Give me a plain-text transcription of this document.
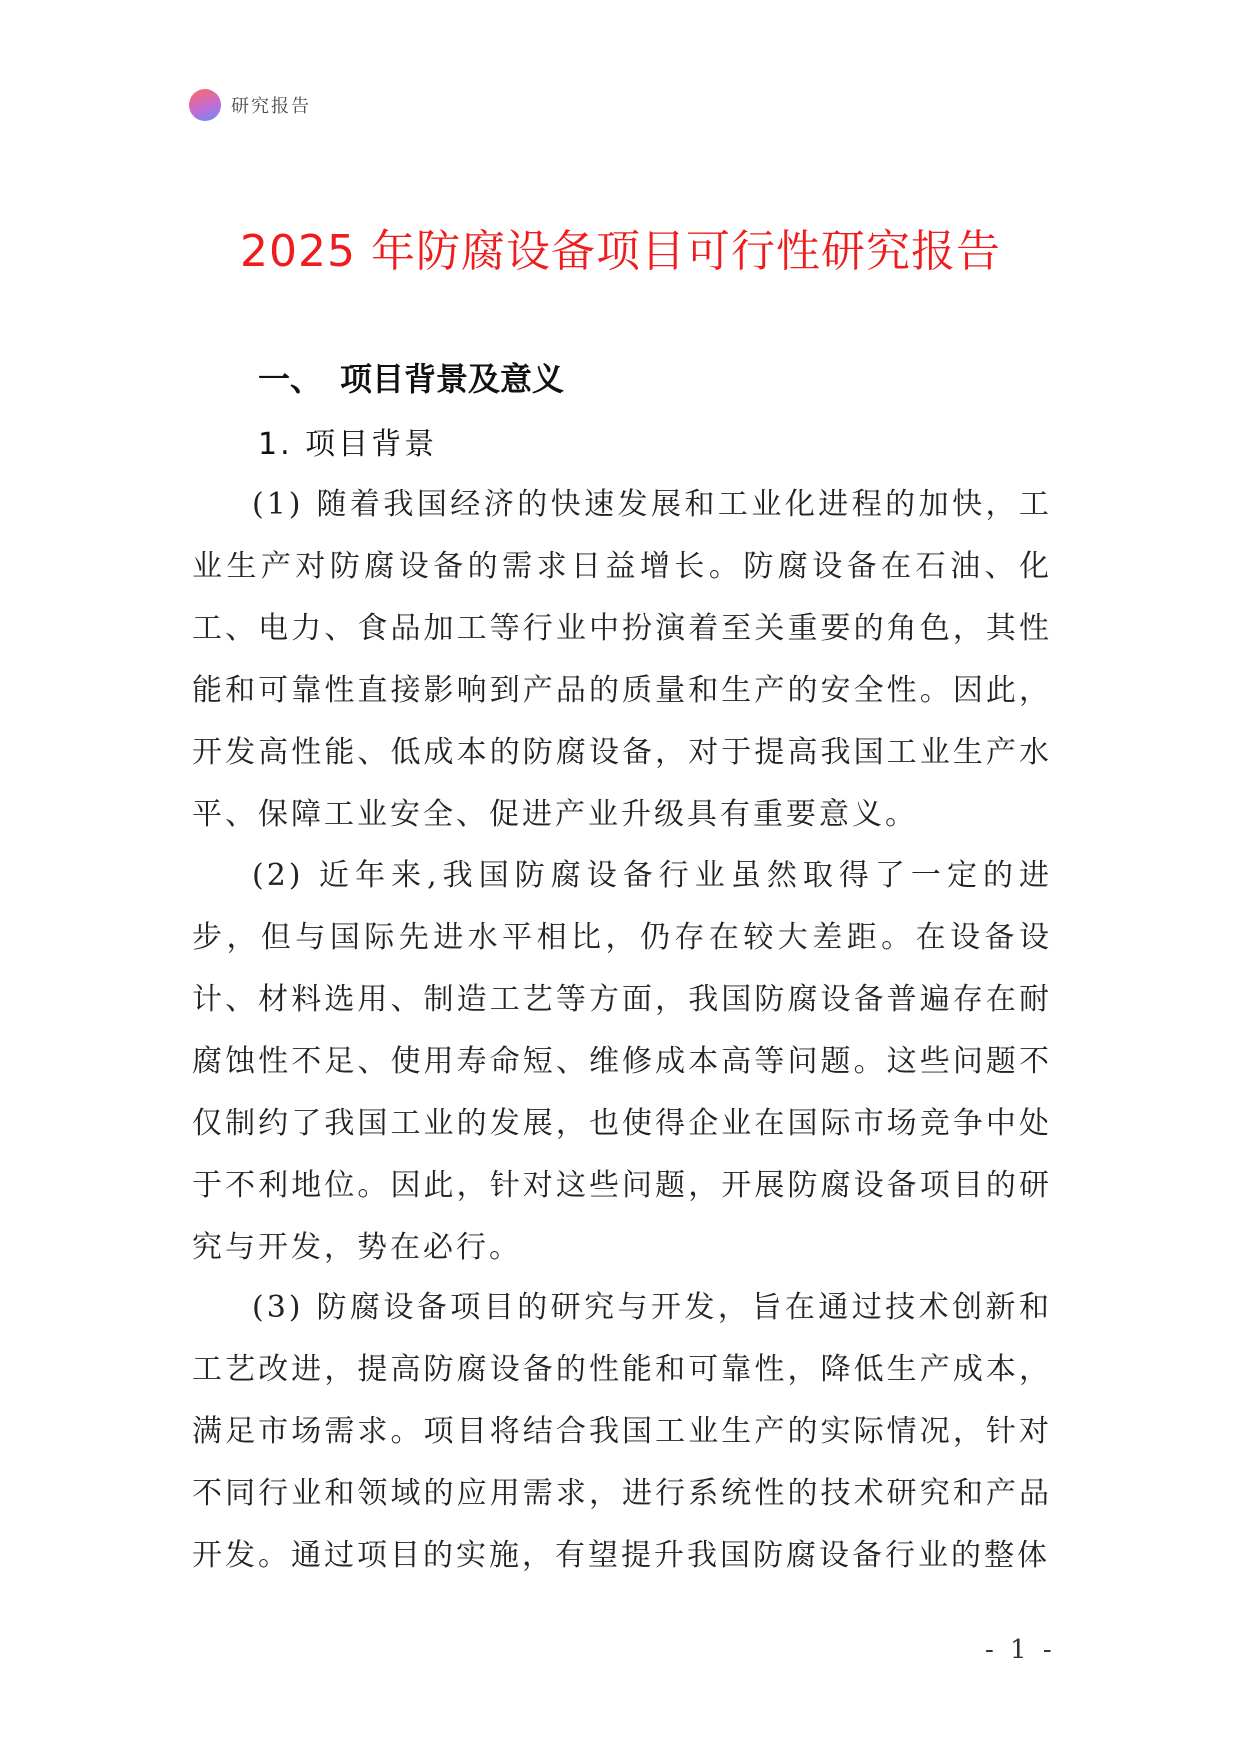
研究报告
2025 年防腐设备项目可行性研究报告
一、 项目背景及意义
1. 项目背景

(1) 随着我国经济的快速发展和工业化进程的加快，工业生产对防腐设备的需求日益增长。防腐设备在石油、化工、电力、食品加工等行业中扮演着至关重要的角色，其性能和可靠性直接影响到产品的质量和生产的安全性。因此，开发高性能、低成本的防腐设备，对于提高我国工业生产水平、保障工业安全、促进产业升级具有重要意义。

(2) 近年来,我国防腐设备行业虽然取得了一定的进步，但与国际先进水平相比，仍存在较大差距。在设备设计、材料选用、制造工艺等方面，我国防腐设备普遍存在耐腐蚀性不足、使用寿命短、维修成本高等问题。这些问题不仅制约了我国工业的发展，也使得企业在国际市场竞争中处于不利地位。因此，针对这些问题，开展防腐设备项目的研究与开发，势在必行。

(3) 防腐设备项目的研究与开发，旨在通过技术创新和工艺改进，提高防腐设备的性能和可靠性，降低生产成本，满足市场需求。项目将结合我国工业生产的实际情况，针对不同行业和领域的应用需求，进行系统性的技术研究和产品开发。通过项目的实施，有望提升我国防腐设备行业的整体

- 1 -
